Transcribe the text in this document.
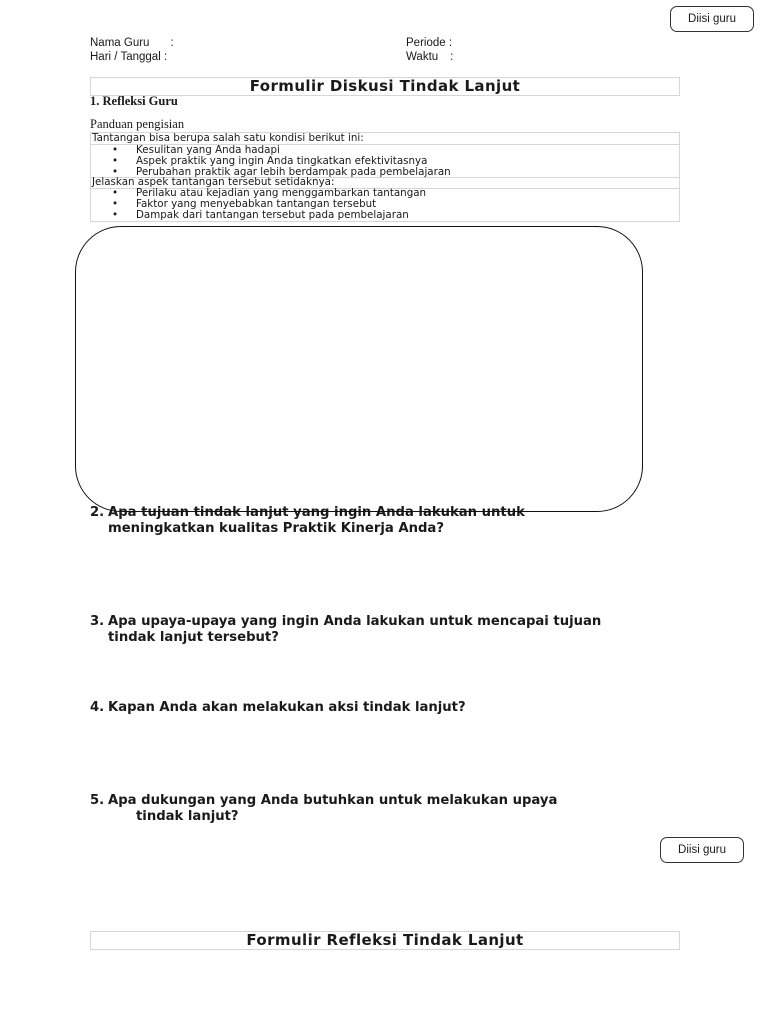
Diisi guru
Nama Guru :
Hari / Tanggal :
Periode :
Waktu :
Formulir Diskusi Tindak Lanjut
1. Refleksi Guru
Panduan pengisian
Tantangan bisa berupa salah satu kondisi berikut ini:
• Kesulitan yang Anda hadapi
• Aspek praktik yang ingin Anda tingkatkan efektivitasnya
• Perubahan praktik agar lebih berdampak pada pembelajaran
Jelaskan aspek tantangan tersebut setidaknya:
• Perilaku atau kejadian yang menggambarkan tantangan
• Faktor yang menyebabkan tantangan tersebut
• Dampak dari tantangan tersebut pada pembelajaran
2. Apa tujuan tindak lanjut yang ingin Anda lakukan untuk
meningkatkan kualitas Praktik Kinerja Anda?
3. Apa upaya-upaya yang ingin Anda lakukan untuk mencapai tujuan
tindak lanjut tersebut?
4. Kapan Anda akan melakukan aksi tindak lanjut?
5. Apa dukungan yang Anda butuhkan untuk melakukan upaya
tindak lanjut?
Diisi guru
Formulir Refleksi Tindak Lanjut
